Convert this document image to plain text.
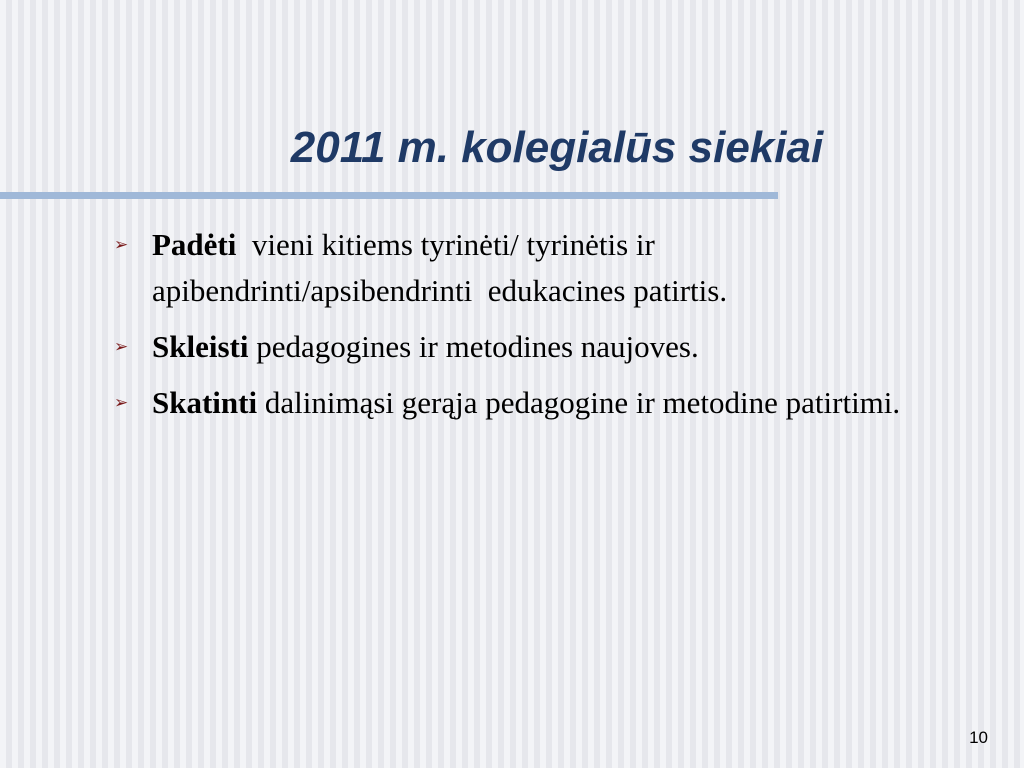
2011 m. kolegialūs siekiai
➢ Padėti  vieni kitiems tyrinėti/ tyrinėtis ir apibendrinti/apsibendrinti  edukacines patirtis.
➢ Skleisti pedagogines ir metodines naujoves.
➢ Skatinti dalinimąsi gerąja pedagogine ir metodine patirtimi.
10
